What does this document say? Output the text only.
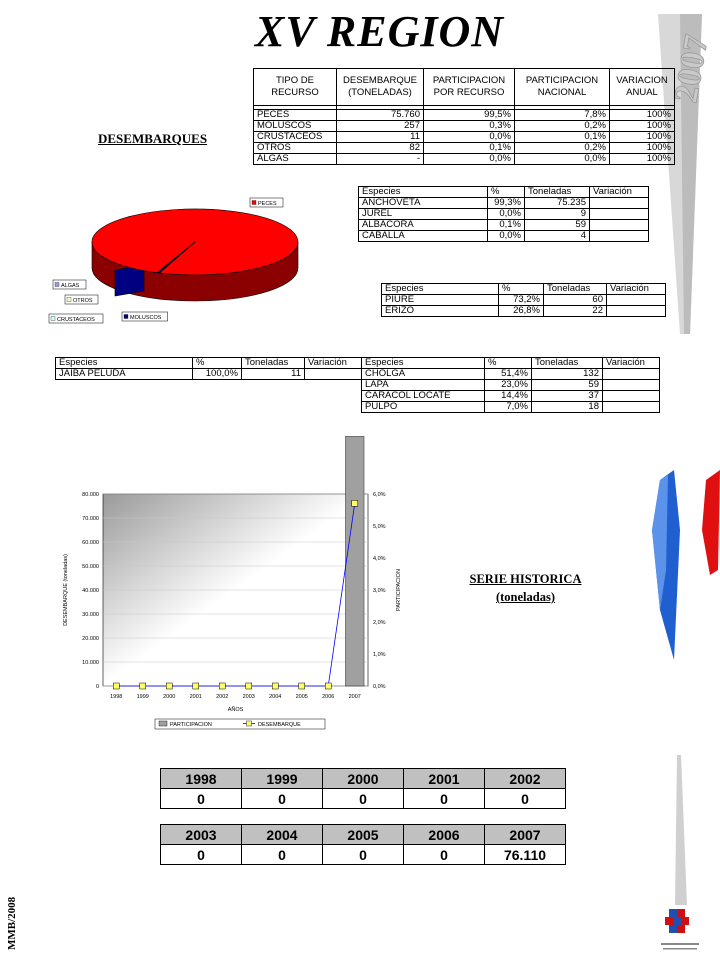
XV REGION
2007
DESEMBARQUES
TIPO DE RECURSO	DESEMBARQUE (TONELADAS)	PARTICIPACION POR RECURSO	PARTICIPACION NACIONAL	VARIACION ANUAL

PECES	75.760	99,5%	7,8%	100%
MOLUSCOS	257	0,3%	0,2%	100%
CRUSTACEOS	11	0,0%	0,1%	100%
OTROS	82	0,1%	0,2%	100%
ALGAS	-	0,0%	0,0%	100%
PECES
ALGAS
OTROS
CRUSTACEOS	MOLUSCOS
Especies	%	Toneladas	Variación
ANCHOVETA	99,3%	75.235	
JUREL	0,0%	9	
ALBACORA	0,1%	59	
CABALLA	0,0%	4	
Especies	%	Toneladas	Variación
PIURE	73,2%	60	
ERIZO	26,8%	22	
Especies	%	Toneladas	Variación
JAIBA PELUDA	100,0%	11	
Especies	%	Toneladas	Variación
CHOLGA	51,4%	132	
LAPA	23,0%	59	
CARACOL LOCATE	14,4%	37	
PULPO	7,0%	18	
0
10.000
20.000
30.000
40.000
50.000
60.000
70.000
80.000
0,0%
1,0%
2,0%
3,0%
4,0%
5,0%
6,0%
1998	1999	2000	2001	2002	2003	2004	2005	2006	2007
AÑOS
DESEMBARQUE (toneladas)	PARTICIPACION
PARTICIPACION	DESEMBARQUE
SERIE HISTORICA
(toneladas)
1998	1999	2000	2001	2002
0	0	0	0	0
2003	2004	2005	2006	2007
0	0	0	0	76.110
MMB/2008
